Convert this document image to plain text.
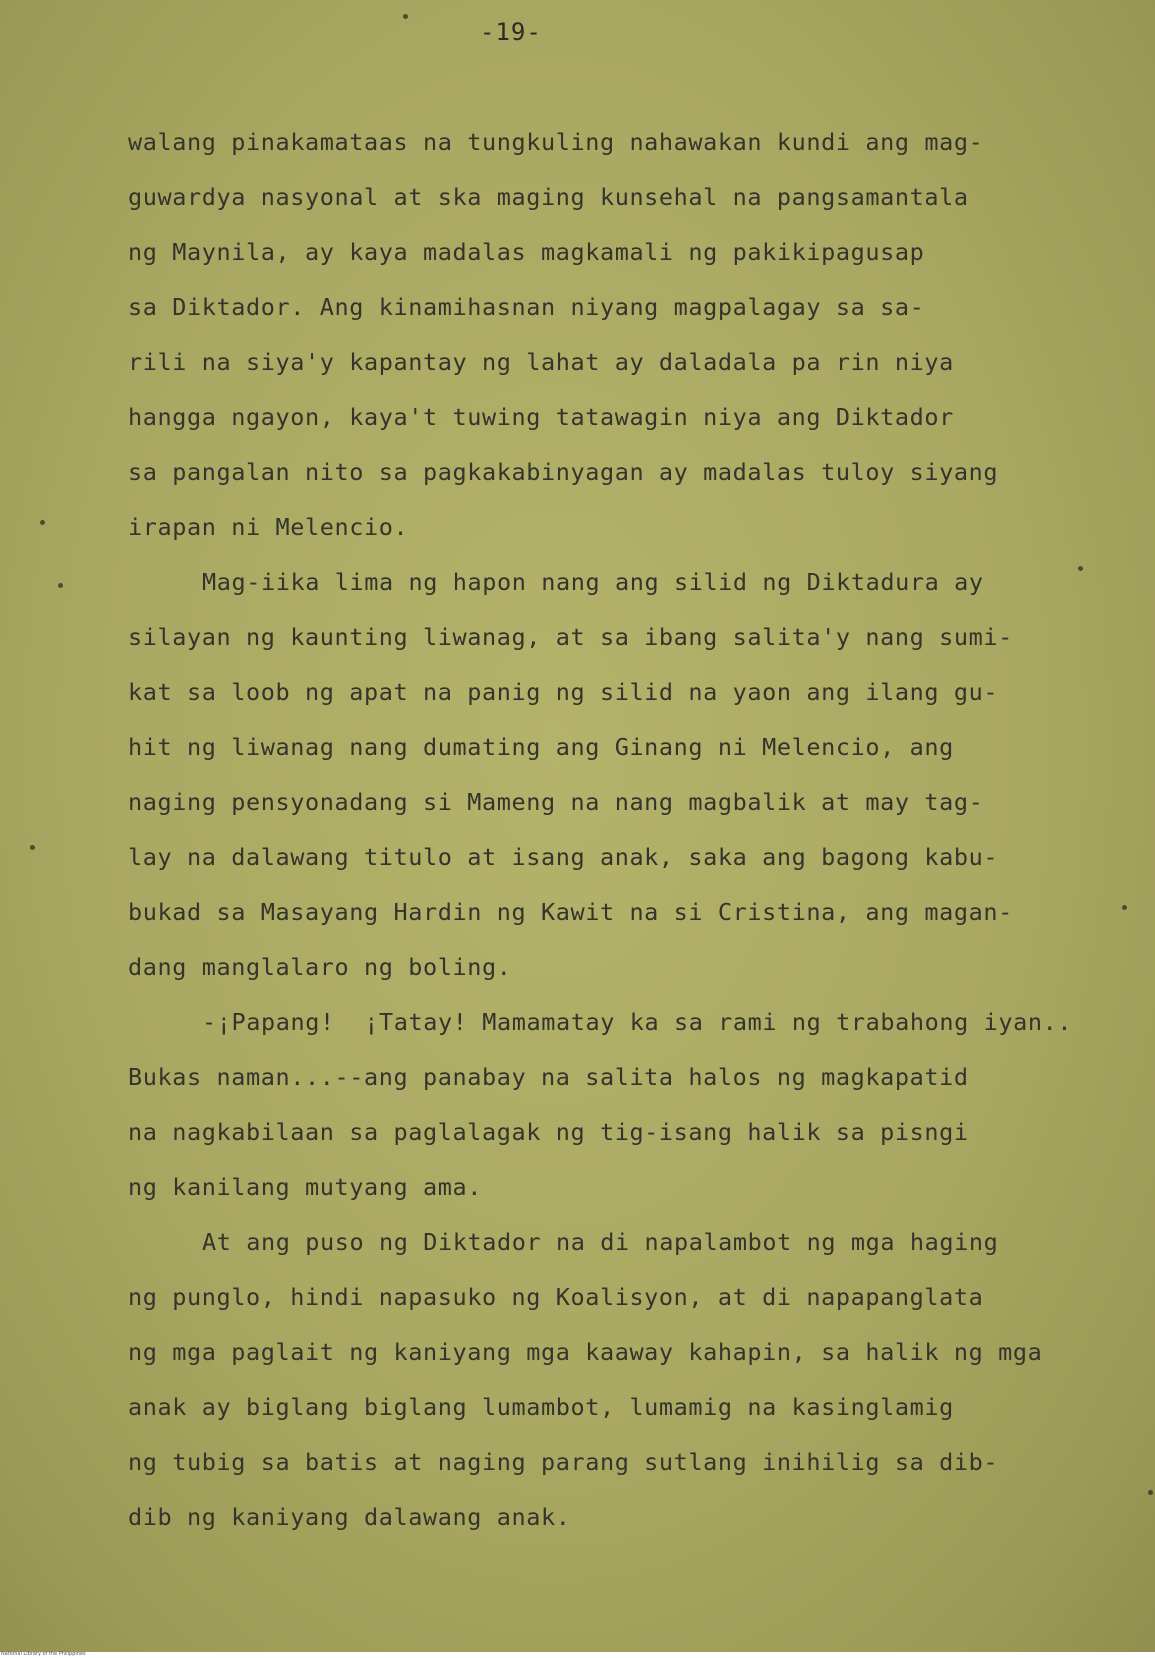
-19-
walang pinakamataas na tungkuling nahawakan kundi ang mag-
guwardya nasyonal at ska maging kunsehal na pangsamantala
ng Maynila, ay kaya madalas magkamali ng pakikipagusap
sa Diktador. Ang kinamihasnan niyang magpalagay sa sa-
rili na siya'y kapantay ng lahat ay daladala pa rin niya
hangga ngayon, kaya't tuwing tatawagin niya ang Diktador
sa pangalan nito sa pagkakabinyagan ay madalas tuloy siyang
irapan ni Melencio.
Mag-iika lima ng hapon nang ang silid ng Diktadura ay
silayan ng kaunting liwanag, at sa ibang salita'y nang sumi-
kat sa loob ng apat na panig ng silid na yaon ang ilang gu-
hit ng liwanag nang dumating ang Ginang ni Melencio, ang
naging pensyonadang si Mameng na nang magbalik at may tag-
lay na dalawang titulo at isang anak, saka ang bagong kabu-
bukad sa Masayang Hardin ng Kawit na si Cristina, ang magan-
dang manglalaro ng boling.
-¡Papang!  ¡Tatay! Mamamatay ka sa rami ng trabahong iyan..
Bukas naman...--ang panabay na salita halos ng magkapatid
na nagkabilaan sa paglalagak ng tig-isang halik sa pisngi
ng kanilang mutyang ama.
At ang puso ng Diktador na di napalambot ng mga haging
ng punglo, hindi napasuko ng Koalisyon, at di napapanglata
ng mga paglait ng kaniyang mga kaaway kahapin, sa halik ng mga
anak ay biglang biglang lumambot, lumamig na kasinglamig
ng tubig sa batis at naging parang sutlang inihilig sa dib-
dib ng kaniyang dalawang anak.
National Library of the Philippines
